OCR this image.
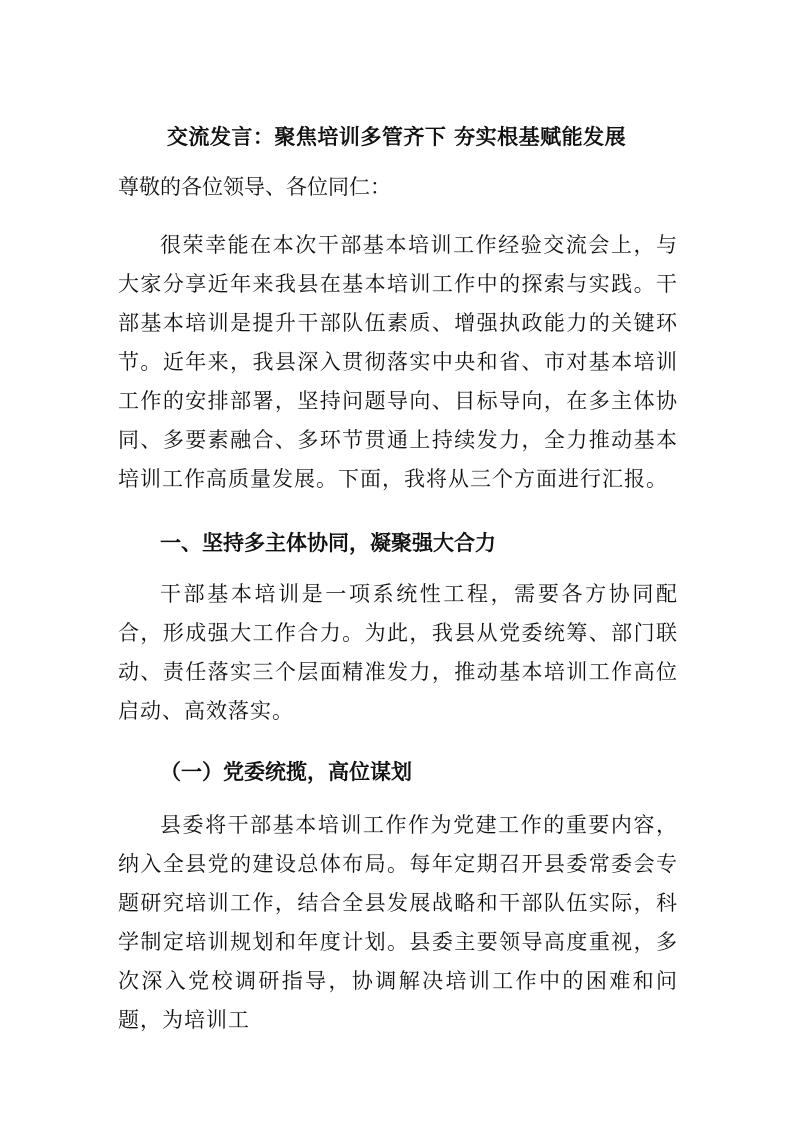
交流发言：聚焦培训多管齐下 夯实根基赋能发展

尊敬的各位领导、各位同仁：

很荣幸能在本次干部基本培训工作经验交流会上，与大家分享近年来我县在基本培训工作中的探索与实践。干部基本培训是提升干部队伍素质、增强执政能力的关键环节。近年来，我县深入贯彻落实中央和省、市对基本培训工作的安排部署，坚持问题导向、目标导向，在多主体协同、多要素融合、多环节贯通上持续发力，全力推动基本培训工作高质量发展。下面，我将从三个方面进行汇报。

一、坚持多主体协同，凝聚强大合力

干部基本培训是一项系统性工程，需要各方协同配合，形成强大工作合力。为此，我县从党委统筹、部门联动、责任落实三个层面精准发力，推动基本培训工作高位启动、高效落实。

（一）党委统揽，高位谋划

县委将干部基本培训工作作为党建工作的重要内容，纳入全县党的建设总体布局。每年定期召开县委常委会专题研究培训工作，结合全县发展战略和干部队伍实际，科学制定培训规划和年度计划。县委主要领导高度重视，多次深入党校调研指导，协调解决培训工作中的困难和问题，为培训工
